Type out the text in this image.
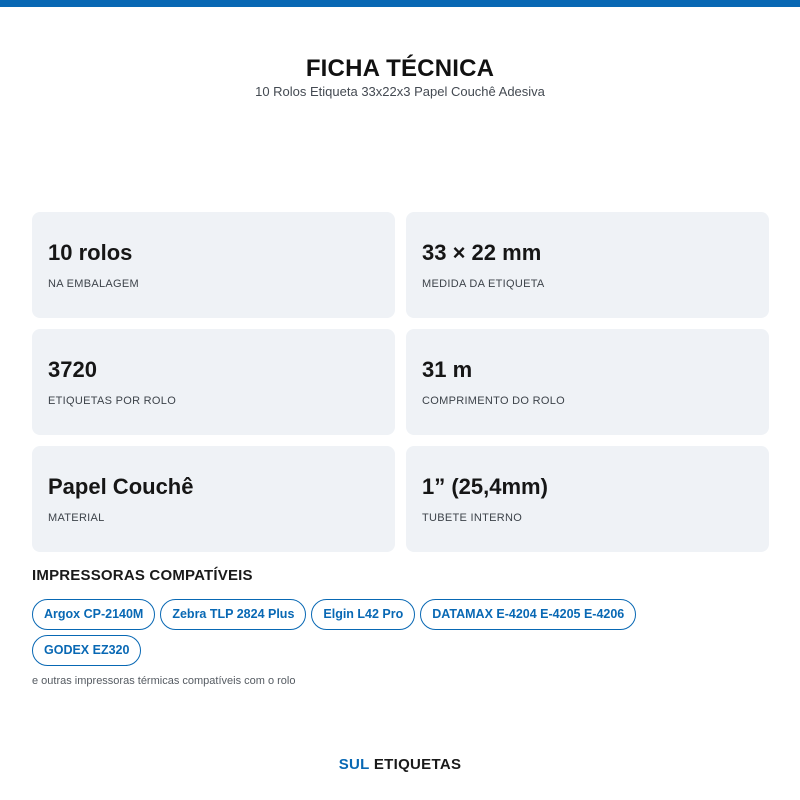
FICHA TÉCNICA
10 Rolos Etiqueta 33x22x3 Papel Couchê Adesiva
10 rolos
NA EMBALAGEM
33 × 22 mm
MEDIDA DA ETIQUETA
3720
ETIQUETAS POR ROLO
31 m
COMPRIMENTO DO ROLO
Papel Couchê
MATERIAL
1” (25,4mm)
TUBETE INTERNO
IMPRESSORAS COMPATÍVEIS
Argox CP-2140M	Zebra TLP 2824 Plus	Elgin L42 Pro	DATAMAX E-4204 E-4205 E-4206
GODEX EZ320
e outras impressoras térmicas compatíveis com o rolo
SUL ETIQUETAS
